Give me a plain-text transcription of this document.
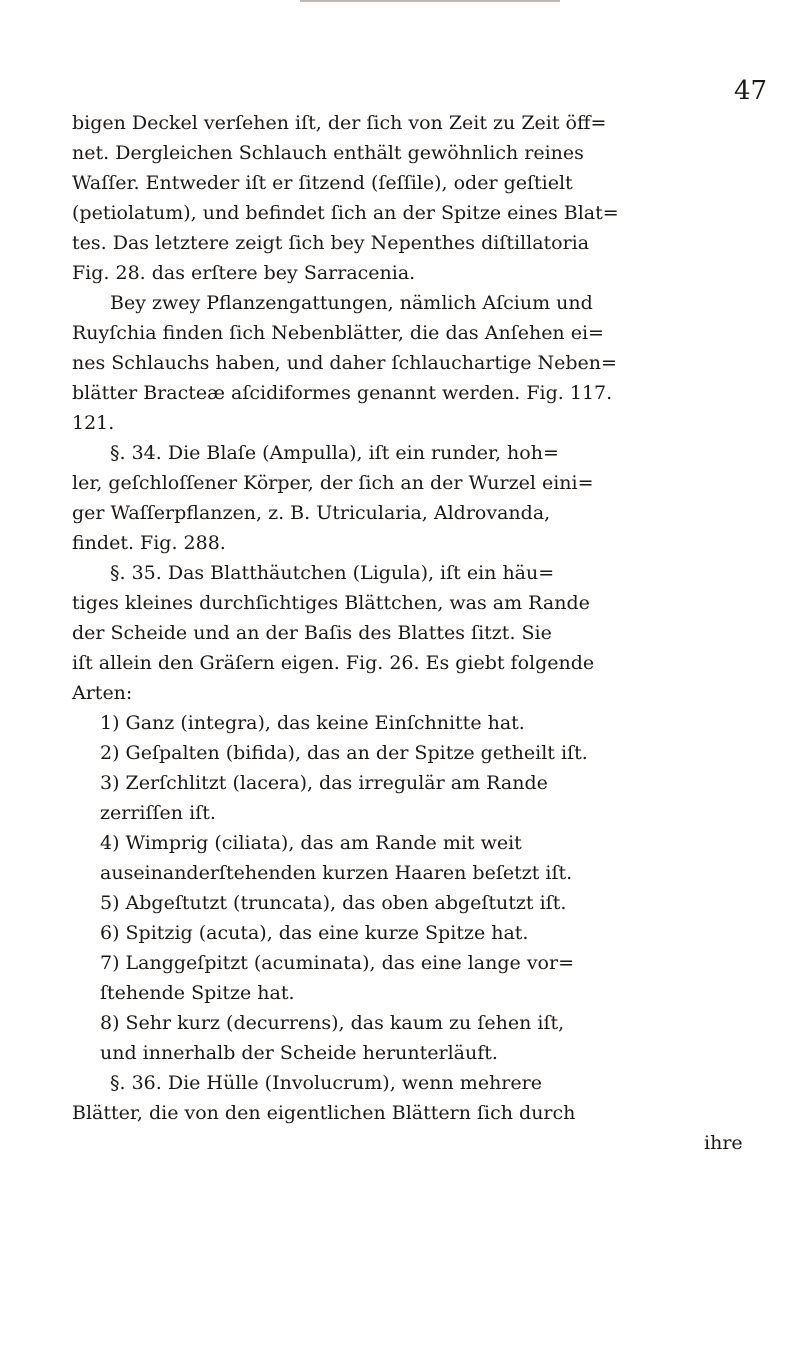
47
bigen Deckel verſehen iſt, der ſich von Zeit zu Zeit öff=
net. Dergleichen Schlauch enthält gewöhnlich reines
Waſſer. Entweder iſt er ſitzend (ſeſſile), oder geſtielt
(petiolatum), und befindet ſich an der Spitze eines Blat=
tes. Das letztere zeigt ſich bey Nepenthes diſtillatoria
Fig. 28. das erſtere bey Sarracenia.
Bey zwey Pflanzengattungen, nämlich Aſcium und
Ruyſchia finden ſich Nebenblätter, die das Anſehen ei=
nes Schlauchs haben, und daher ſchlauchartige Neben=
blätter Bracteæ aſcidiformes genannt werden. Fig. 117.
121.
§. 34. Die Blaſe (Ampulla), iſt ein runder, hoh=
ler, geſchloſſener Körper, der ſich an der Wurzel eini=
ger Waſſerpflanzen, z. B. Utricularia, Aldrovanda,
findet. Fig. 288.
§. 35. Das Blatthäutchen (Ligula), iſt ein häu=
tiges kleines durchſichtiges Blättchen, was am Rande
der Scheide und an der Baſis des Blattes ſitzt. Sie
iſt allein den Gräſern eigen. Fig. 26. Es giebt folgende
Arten:
1) Ganz (integra), das keine Einſchnitte hat.
2) Geſpalten (bifida), das an der Spitze getheilt iſt.
3) Zerſchlitzt (lacera), das irregulär am Rande
zerriſſen iſt.
4) Wimprig (ciliata), das am Rande mit weit
auseinanderſtehenden kurzen Haaren beſetzt iſt.
5) Abgeſtutzt (truncata), das oben abgeſtutzt iſt.
6) Spitzig (acuta), das eine kurze Spitze hat.
7) Langgeſpitzt (acuminata), das eine lange vor=
ſtehende Spitze hat.
8) Sehr kurz (decurrens), das kaum zu ſehen iſt,
und innerhalb der Scheide herunterläuft.
§. 36. Die Hülle (Involucrum), wenn mehrere
Blätter, die von den eigentlichen Blättern ſich durch
ihre
